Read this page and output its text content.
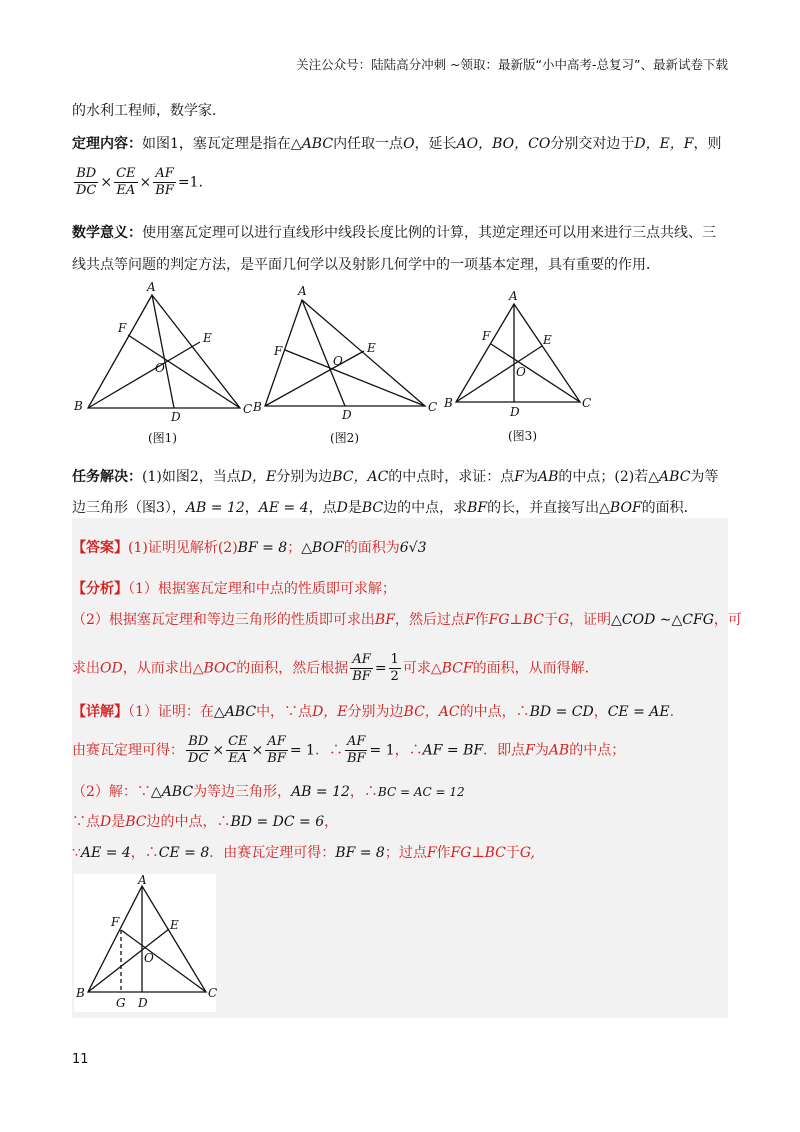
关注公众号：陆陆高分冲刺 ~领取：最新版“小中高考-总复习”、最新试卷下载
的水利工程师，数学家．
定理内容：如图1，塞瓦定理是指在△ABC内任取一点O，延长AO，BO，CO分别交对边于D，E，F，则
$\frac{BD}{DC} \times \frac{CE}{EA} \times \frac{AF}{BF} =1$.
数学意义：使用塞瓦定理可以进行直线形中线段长度比例的计算，其逆定理还可以用来进行三点共线、三
线共点等问题的判定方法，是平面几何学以及射影几何学中的一项基本定理，具有重要的作用．
A
B	C
D
E
F
O
A
B	C
D
E
F
O
A
B	C
D
E
F
O
(图1)	(图2)	(图3)
任务解决：(1)如图2，当点D，E分别为边BC，AC的中点时，求证：点F为AB的中点；(2)若△ABC为等
边三角形（图3），AB = 12，AE = 4，点D是BC边的中点，求BF的长，并直接写出△BOF的面积．
【答案】(1)证明见解析(2)BF = 8；△BOF的面积为6√3
【分析】（1）根据塞瓦定理和中点的性质即可求解；
（2）根据塞瓦定理和等边三角形的性质即可求出BF，然后过点F作FG⊥BC于G，证明△COD ∼△CFG，可
求出OD，从而求出△BOC的面积，然后根据 $\frac{AF}{BF} = \frac{1}{2}$ 可求△BCF的面积，从而得解．
【详解】（1）证明：在△ABC中，∵点D，E分别为边BC，AC的中点，∴BD = CD，CE = AE.
由赛瓦定理可得： $\frac{BD}{DC} \times \frac{CE}{EA} \times \frac{AF}{BF} = 1$．∴ $\frac{AF}{BF} = 1$，∴AF = BF．即点F为AB的中点；
（2）解：∵△ABC为等边三角形，AB = 12，∴BC = AC = 12
∵点D是BC边的中点，∴BD = DC = 6，
∵AE = 4，∴CE = 8．由赛瓦定理可得：BF = 8；过点F作FG⊥BC于G,
A
B	C
D
E
F
O
G
11
